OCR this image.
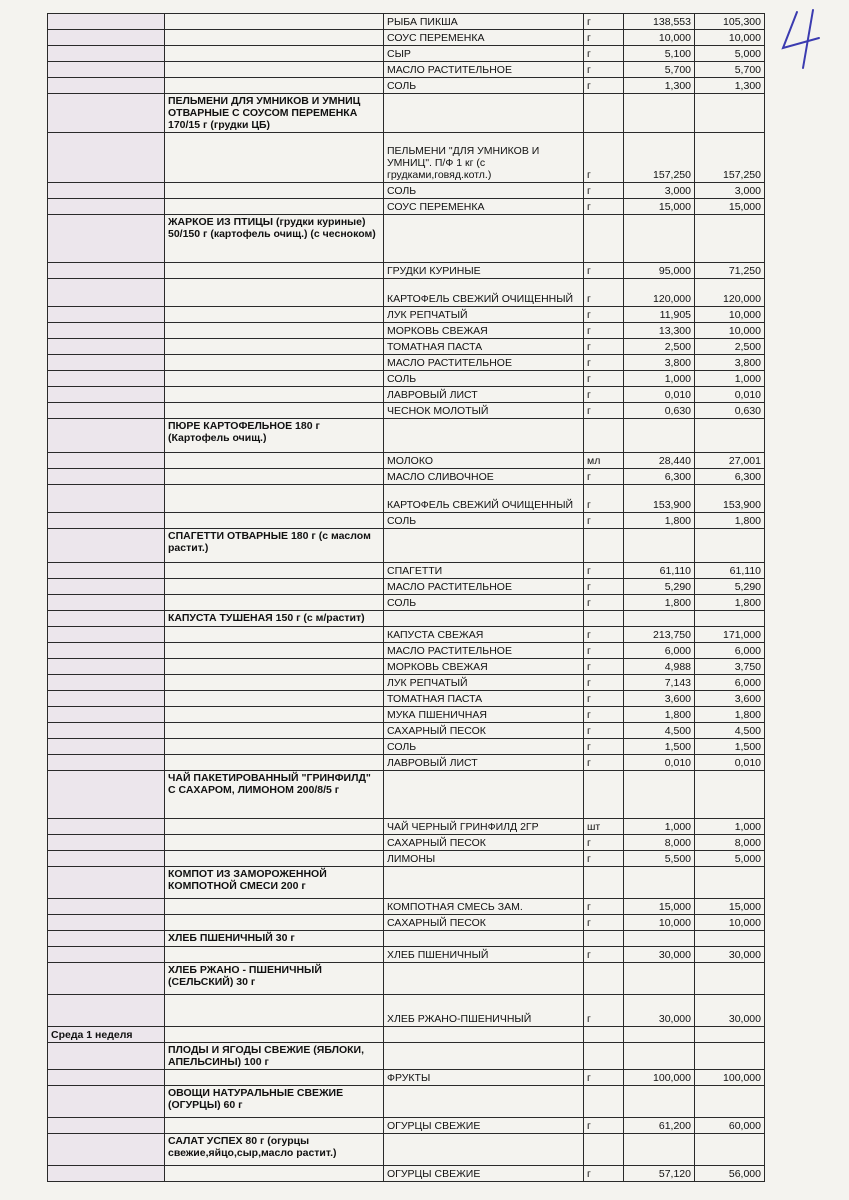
		РЫБА ПИКША	г	138,553	105,300
		СОУС ПЕРЕМЕНКА	г	10,000	10,000
		СЫР	г	5,100	5,000
		МАСЛО РАСТИТЕЛЬНОЕ	г	5,700	5,700
		СОЛЬ	г	1,300	1,300
	ПЕЛЬМЕНИ ДЛЯ УМНИКОВ И УМНИЦ ОТВАРНЫЕ С СОУСОМ ПЕРЕМЕНКА 170/15 г (грудки ЦБ)				
		ПЕЛЬМЕНИ "ДЛЯ УМНИКОВ И УМНИЦ". П/Ф 1 кг (с грудками,говяд.котл.)	г	157,250	157,250
		СОЛЬ	г	3,000	3,000
		СОУС ПЕРЕМЕНКА	г	15,000	15,000
	ЖАРКОЕ ИЗ ПТИЦЫ (грудки куриные) 50/150 г (картофель очищ.) (с чесноком)				
		ГРУДКИ КУРИНЫЕ	г	95,000	71,250
		КАРТОФЕЛЬ СВЕЖИЙ ОЧИЩЕННЫЙ	г	120,000	120,000
		ЛУК РЕПЧАТЫЙ	г	11,905	10,000
		МОРКОВЬ СВЕЖАЯ	г	13,300	10,000
		ТОМАТНАЯ ПАСТА	г	2,500	2,500
		МАСЛО РАСТИТЕЛЬНОЕ	г	3,800	3,800
		СОЛЬ	г	1,000	1,000
		ЛАВРОВЫЙ ЛИСТ	г	0,010	0,010
		ЧЕСНОК МОЛОТЫЙ	г	0,630	0,630
	ПЮРЕ КАРТОФЕЛЬНОЕ 180 г (Картофель очищ.)				
		МОЛОКО	мл	28,440	27,001
		МАСЛО СЛИВОЧНОЕ	г	6,300	6,300
		КАРТОФЕЛЬ СВЕЖИЙ ОЧИЩЕННЫЙ	г	153,900	153,900
		СОЛЬ	г	1,800	1,800
	СПАГЕТТИ ОТВАРНЫЕ 180 г (с маслом растит.)				
		СПАГЕТТИ	г	61,110	61,110
		МАСЛО РАСТИТЕЛЬНОЕ	г	5,290	5,290
		СОЛЬ	г	1,800	1,800
	КАПУСТА ТУШЕНАЯ 150 г (с м/растит)				
		КАПУСТА СВЕЖАЯ	г	213,750	171,000
		МАСЛО РАСТИТЕЛЬНОЕ	г	6,000	6,000
		МОРКОВЬ СВЕЖАЯ	г	4,988	3,750
		ЛУК РЕПЧАТЫЙ	г	7,143	6,000
		ТОМАТНАЯ ПАСТА	г	3,600	3,600
		МУКА ПШЕНИЧНАЯ	г	1,800	1,800
		САХАРНЫЙ ПЕСОК	г	4,500	4,500
		СОЛЬ	г	1,500	1,500
		ЛАВРОВЫЙ ЛИСТ	г	0,010	0,010
	ЧАЙ ПАКЕТИРОВАННЫЙ "ГРИНФИЛД" С САХАРОМ, ЛИМОНОМ 200/8/5 г				
		ЧАЙ ЧЕРНЫЙ ГРИНФИЛД 2ГР	шт	1,000	1,000
		САХАРНЫЙ ПЕСОК	г	8,000	8,000
		ЛИМОНЫ	г	5,500	5,000
	КОМПОТ ИЗ ЗАМОРОЖЕННОЙ КОМПОТНОЙ СМЕСИ 200 г				
		КОМПОТНАЯ СМЕСЬ ЗАМ.	г	15,000	15,000
		САХАРНЫЙ ПЕСОК	г	10,000	10,000
	ХЛЕБ ПШЕНИЧНЫЙ 30 г				
		ХЛЕБ ПШЕНИЧНЫЙ	г	30,000	30,000
	ХЛЕБ РЖАНО - ПШЕНИЧНЫЙ (СЕЛЬСКИЙ) 30 г				
		ХЛЕБ РЖАНО-ПШЕНИЧНЫЙ	г	30,000	30,000
Среда 1 неделя					
	ПЛОДЫ И ЯГОДЫ СВЕЖИЕ (ЯБЛОКИ, АПЕЛЬСИНЫ) 100 г				
		ФРУКТЫ	г	100,000	100,000
	ОВОЩИ НАТУРАЛЬНЫЕ СВЕЖИЕ (ОГУРЦЫ) 60 г				
		ОГУРЦЫ СВЕЖИЕ	г	61,200	60,000
	САЛАТ УСПЕХ 80 г (огурцы свежие,яйцо,сыр,масло растит.)				
		ОГУРЦЫ СВЕЖИЕ	г	57,120	56,000
